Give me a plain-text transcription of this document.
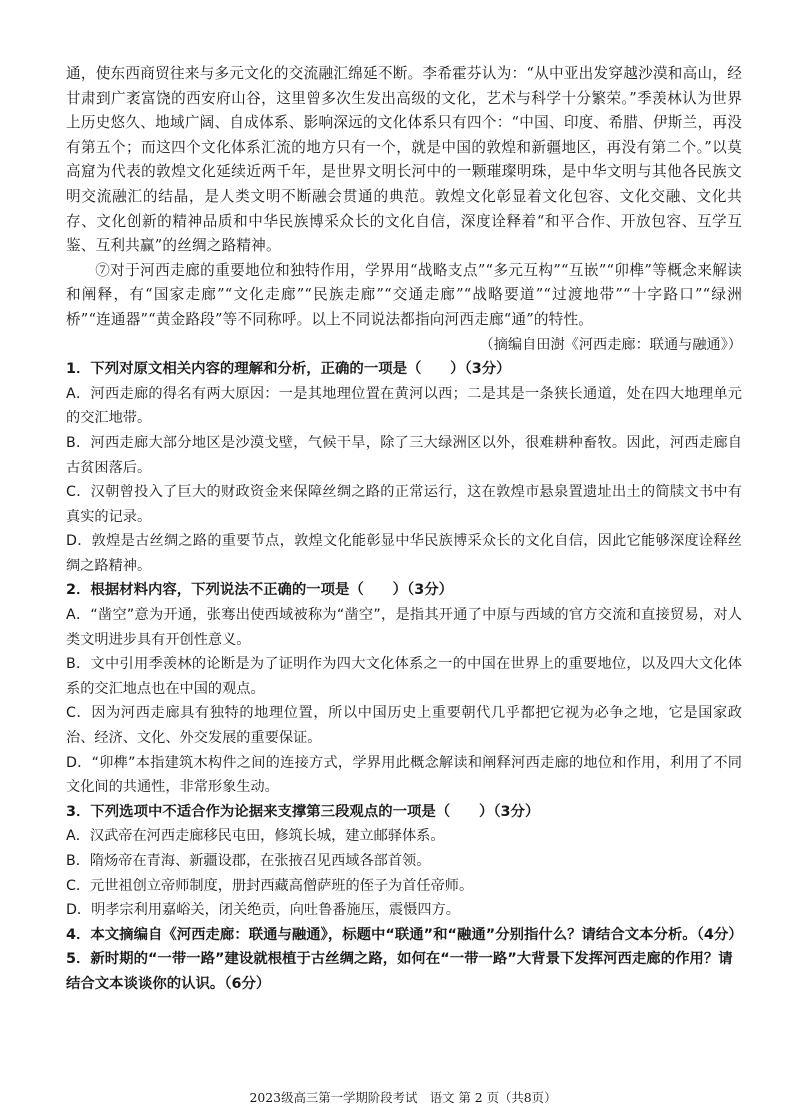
通，使东西商贸往来与多元文化的交流融汇绵延不断。李希霍芬认为：“从中亚出发穿越沙漠和高山，经甘肃到广袤富饶的西安府山谷，这里曾多次生发出高级的文化，艺术与科学十分繁荣。”季羡林认为世界上历史悠久、地域广阔、自成体系、影响深远的文化体系只有四个：“中国、印度、希腊、伊斯兰，再没有第五个；而这四个文化体系汇流的地方只有一个，就是中国的敦煌和新疆地区，再没有第二个。”以莫高窟为代表的敦煌文化延续近两千年，是世界文明长河中的一颗璀璨明珠，是中华文明与其他各民族文明交流融汇的结晶，是人类文明不断融会贯通的典范。敦煌文化彰显着文化包容、文化交融、文化共存、文化创新的精神品质和中华民族博采众长的文化自信，深度诠释着“和平合作、开放包容、互学互鉴、互利共赢”的丝绸之路精神。

⑦对于河西走廊的重要地位和独特作用，学界用“战略支点”“多元互构”“互嵌”“卯榫”等概念来解读和阐释，有“国家走廊”“文化走廊”“民族走廊”“交通走廊”“战略要道”“过渡地带”“十字路口”“绿洲桥”“连通器”“黄金路段”等不同称呼。以上不同说法都指向河西走廊“通”的特性。

（摘编自田澍《河西走廊：联通与融通》）

1．下列对原文相关内容的理解和分析，正确的一项是（　　）（3分）

A．河西走廊的得名有两大原因：一是其地理位置在黄河以西；二是其是一条狭长通道，处在四大地理单元的交汇地带。

B．河西走廊大部分地区是沙漠戈壁，气候干旱，除了三大绿洲区以外，很难耕种畜牧。因此，河西走廊自古贫困落后。

C．汉朝曾投入了巨大的财政资金来保障丝绸之路的正常运行，这在敦煌市悬泉置遗址出土的简牍文书中有真实的记录。

D．敦煌是古丝绸之路的重要节点，敦煌文化能彰显中华民族博采众长的文化自信，因此它能够深度诠释丝绸之路精神。

2．根据材料内容，下列说法不正确的一项是（　　）（3分）

A．“凿空”意为开通，张骞出使西域被称为“凿空”，是指其开通了中原与西域的官方交流和直接贸易，对人类文明进步具有开创性意义。

B．文中引用季羡林的论断是为了证明作为四大文化体系之一的中国在世界上的重要地位，以及四大文化体系的交汇地点也在中国的观点。

C．因为河西走廊具有独特的地理位置，所以中国历史上重要朝代几乎都把它视为必争之地，它是国家政治、经济、文化、外交发展的重要保证。

D．“卯榫”本指建筑木构件之间的连接方式，学界用此概念解读和阐释河西走廊的地位和作用，利用了不同文化间的共通性，非常形象生动。

3．下列选项中不适合作为论据来支撑第三段观点的一项是（　　）（3分）

A．汉武帝在河西走廊移民屯田，修筑长城，建立邮驿体系。

B．隋炀帝在青海、新疆设郡，在张掖召见西域各部首领。

C．元世祖创立帝师制度，册封西藏高僧萨班的侄子为首任帝师。

D．明孝宗利用嘉峪关，闭关绝贡，向吐鲁番施压，震慑四方。

4．本文摘编自《河西走廊：联通与融通》，标题中“联通”和“融通”分别指什么？请结合文本分析。（4分）

5．新时期的“一带一路”建设就根植于古丝绸之路，如何在“一带一路”大背景下发挥河西走廊的作用？请结合文本谈谈你的认识。（6分）

2023级高三第一学期阶段考试　语文 第 2 页（共8页）
